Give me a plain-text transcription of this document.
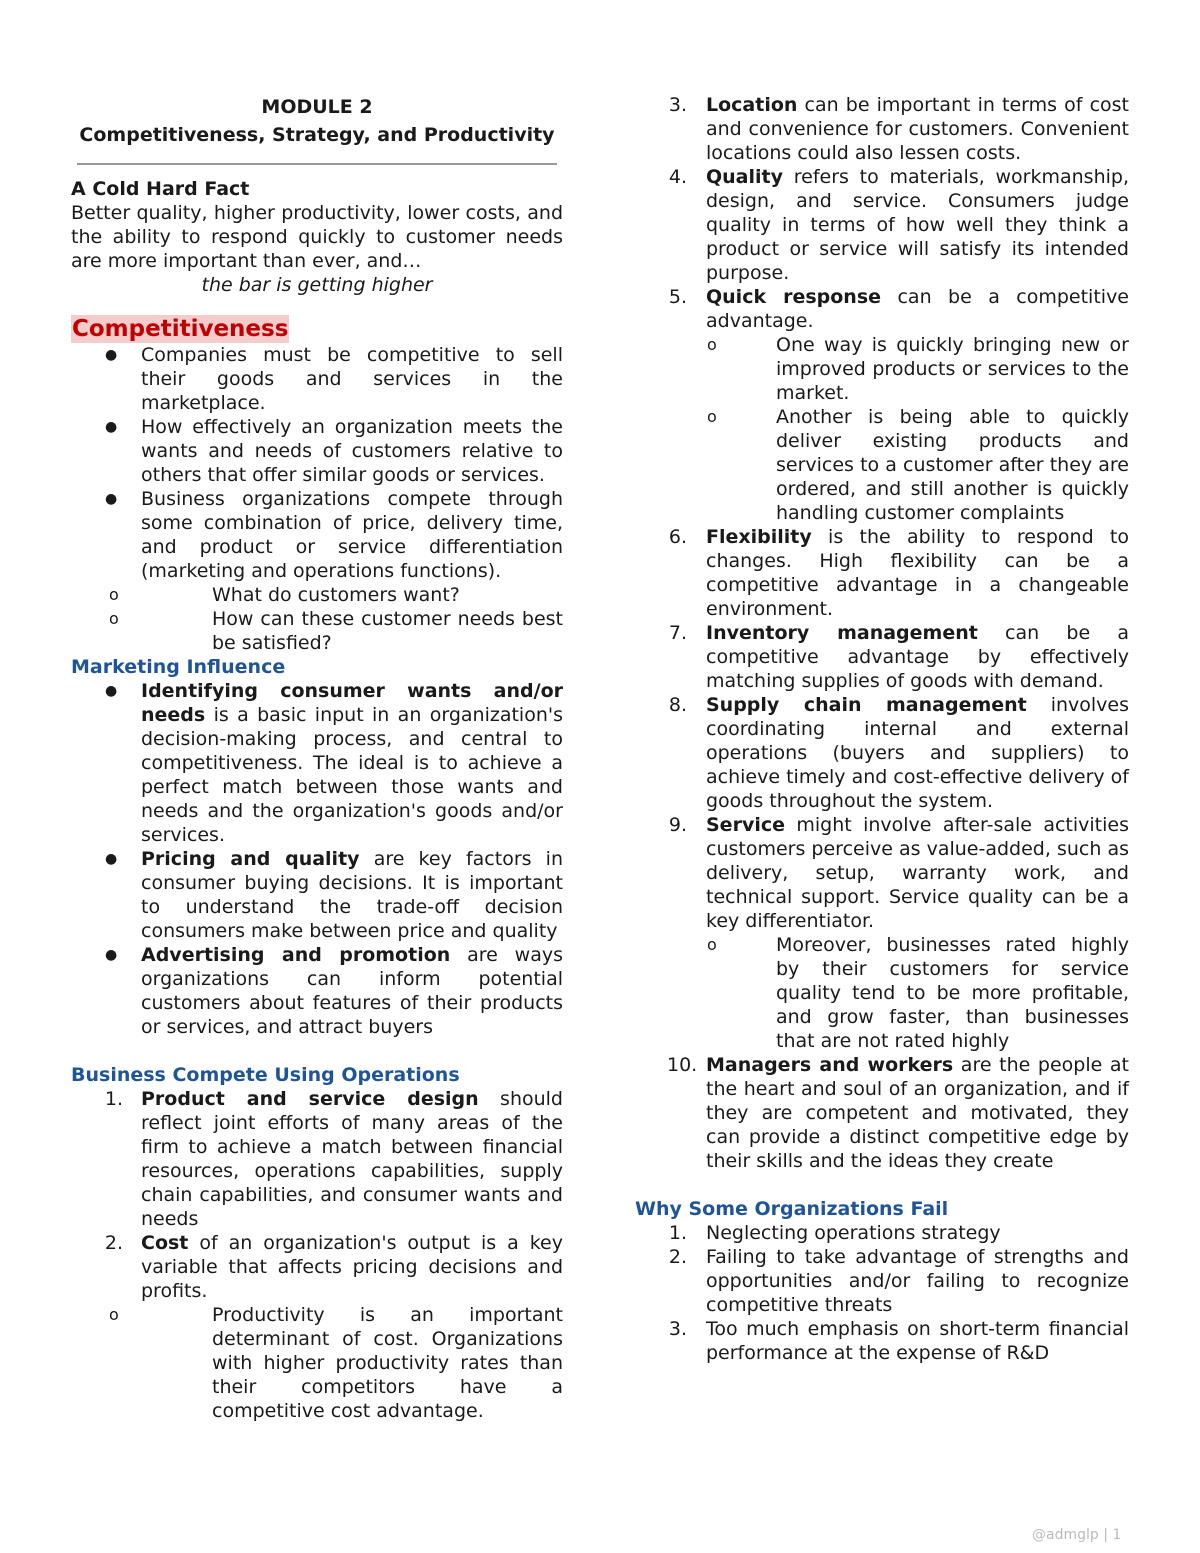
MODULE 2
Competitiveness, Strategy, and Productivity
A Cold Hard Fact
Better quality, higher productivity, lower costs, and the ability to respond quickly to customer needs are more important than ever, and…
the bar is getting higher
Competitiveness
● Companies must be competitive to sell their goods and services in the marketplace.
● How effectively an organization meets the wants and needs of customers relative to others that offer similar goods or services.
● Business organizations compete through some combination of price, delivery time, and product or service differentiation (marketing and operations functions).
o What do customers want?
o How can these customer needs best be satisfied?
Marketing Influence
● Identifying consumer wants and/or needs is a basic input in an organization's decision-making process, and central to competitiveness. The ideal is to achieve a perfect match between those wants and needs and the organization's goods and/or services.
● Pricing and quality are key factors in consumer buying decisions. It is important to understand the trade-off decision consumers make between price and quality
● Advertising and promotion are ways organizations can inform potential customers about features of their products or services, and attract buyers
Business Compete Using Operations
1. Product and service design should reflect joint efforts of many areas of the firm to achieve a match between financial resources, operations capabilities, supply chain capabilities, and consumer wants and needs
2. Cost of an organization's output is a key variable that affects pricing decisions and profits.
o Productivity is an important determinant of cost. Organizations with higher productivity rates than their competitors have a competitive cost advantage.
3. Location can be important in terms of cost and convenience for customers. Convenient locations could also lessen costs.
4. Quality refers to materials, workmanship, design, and service. Consumers judge quality in terms of how well they think a product or service will satisfy its intended purpose.
5. Quick response can be a competitive advantage.
o One way is quickly bringing new or improved products or services to the market.
o Another is being able to quickly deliver existing products and services to a customer after they are ordered, and still another is quickly handling customer complaints
6. Flexibility is the ability to respond to changes. High flexibility can be a competitive advantage in a changeable environment.
7. Inventory management can be a competitive advantage by effectively matching supplies of goods with demand.
8. Supply chain management involves coordinating internal and external operations (buyers and suppliers) to achieve timely and cost-effective delivery of goods throughout the system.
9. Service might involve after-sale activities customers perceive as value-added, such as delivery, setup, warranty work, and technical support. Service quality can be a key differentiator.
o Moreover, businesses rated highly by their customers for service quality tend to be more profitable, and grow faster, than businesses that are not rated highly
10. Managers and workers are the people at the heart and soul of an organization, and if they are competent and motivated, they can provide a distinct competitive edge by their skills and the ideas they create
Why Some Organizations Fail
1. Neglecting operations strategy
2. Failing to take advantage of strengths and opportunities and/or failing to recognize competitive threats
3. Too much emphasis on short-term financial performance at the expense of R&D
@admglp | 1
